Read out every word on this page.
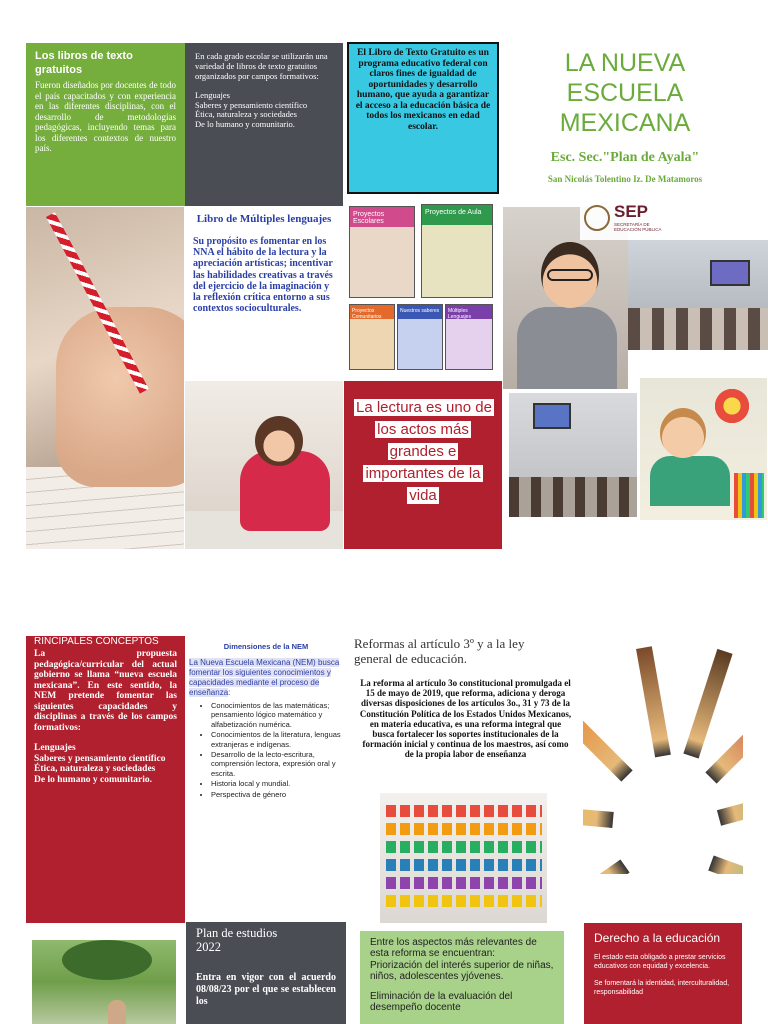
Los libros de texto gratuitos

Fueron diseñados por docentes de todo el país capacitados y con experiencia en las diferentes disciplinas, con el desarrollo de metodologías pedagógicas, incluyendo temas para los diferentes contextos de nuestro país.

En cada grado escolar se utilizarán una variedad de libros de texto gratuitos organizados por campos formativos:
Lenguajes
Saberes y pensamiento científico
Ética, naturaleza y sociedades
De lo humano y comunitario.
El Libro de Texto Gratuito es un programa educativo federal con claros fines de igualdad de oportunidades y desarrollo humano, que ayuda a garantizar el acceso a la educación básica de todos los mexicanos en edad escolar.
LA NUEVA
ESCUELA
MEXICANA
Esc. Sec."Plan de Ayala"
San Nicolás Tolentino Iz. De Matamoros
Libro de Múltiples lenguajes

Su propósito es fomentar en los NNA el hábito de la lectura y la apreciación artísticas; incentivar las habilidades creativas a través del ejercicio de la imaginación y la reflexión crítica entorno a sus contextos socioculturales.

Proyectos Escolares
Proyectos de Aula
Proyectos Comunitarios
Nuestros saberes	Múltiples Lenguajes
SEP
SECRETARÍA DE EDUCACIÓN PÚBLICA
La lectura es uno de los actos más grandes e importantes de la vida
RINCIPALES CONCEPTOS

La propuesta pedagógica/curricular del actual gobierno se llama “nueva escuela mexicana”. En este sentido, la NEM pretende fomentar las siguientes capacidades y disciplinas a través de los campos formativos:

Lenguajes
Saberes y pensamiento científico
Ética, naturaleza y sociedades
De lo humano y comunitario.
Dimensiones de la NEM
La Nueva Escuela Mexicana (NEM) busca fomentar los siguientes conocimientos y capacidades mediante el proceso de enseñanza:
• Conocimientos de las matemáticas; pensamiento lógico matemático y alfabetización numérica.
• Conocimientos de la literatura, lenguas extranjeras e indígenas.
• Desarrollo de la lecto-escritura, comprensión lectora, expresión oral y escrita.
• Historia local y mundial.
• Perspectiva de género
Reformas al artículo 3º y a la ley general de educación.
La reforma al artículo 3o constitucional promulgada el 15 de mayo de 2019, que reforma, adiciona y deroga diversas disposiciones de los artículos 3o., 31 y 73 de la Constitución Política de los Estados Unidos Mexicanos, en materia educativa, es una reforma integral que busca fortalecer los soportes institucionales de la formación inicial y continua de los maestros, así como de la propia labor de enseñanza
Plan de estudios
2022

Entra en vigor con el acuerdo 08/08/23 por el que se establecen los

Entre los aspectos más relevantes de esta reforma se encuentran:
Priorización del interés superior de niñas, niños, adolescentes yjóvenes.

Eliminación de la evaluación del desempeño docente

Derecho a la educación

El estado esta obligado a prestar servicios educativos con equidad y excelencia.

Se fomentará la identidad, interculturalidad, responsabilidad
